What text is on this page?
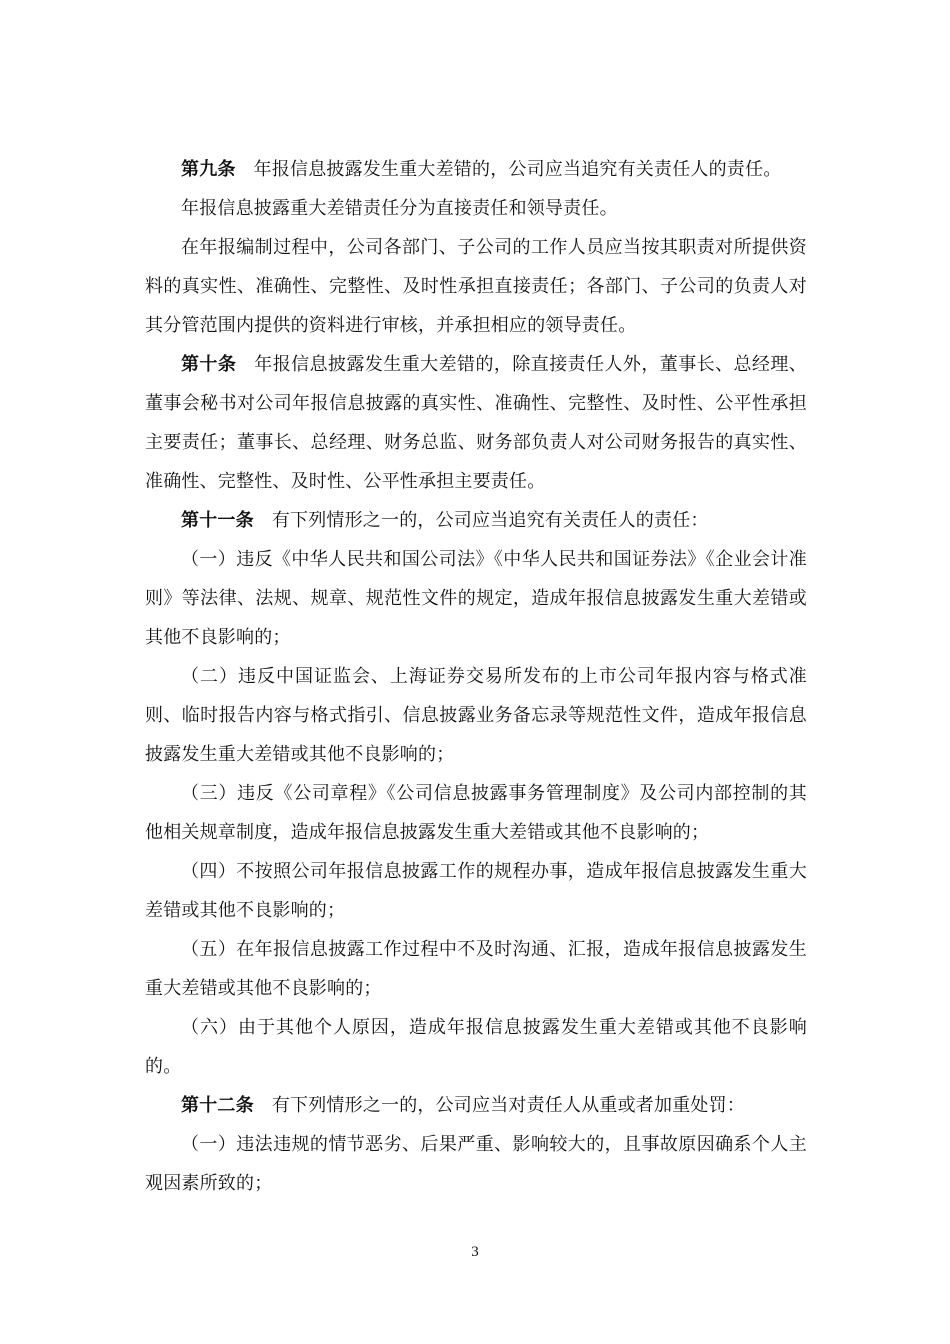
第九条 年报信息披露发生重大差错的，公司应当追究有关责任人的责任。

年报信息披露重大差错责任分为直接责任和领导责任。

在年报编制过程中，公司各部门、子公司的工作人员应当按其职责对所提供资料的真实性、准确性、完整性、及时性承担直接责任；各部门、子公司的负责人对其分管范围内提供的资料进行审核，并承担相应的领导责任。

第十条 年报信息披露发生重大差错的，除直接责任人外，董事长、总经理、董事会秘书对公司年报信息披露的真实性、准确性、完整性、及时性、公平性承担主要责任；董事长、总经理、财务总监、财务部负责人对公司财务报告的真实性、准确性、完整性、及时性、公平性承担主要责任。

第十一条 有下列情形之一的，公司应当追究有关责任人的责任：

（一）违反《中华人民共和国公司法》《中华人民共和国证券法》《企业会计准则》等法律、法规、规章、规范性文件的规定，造成年报信息披露发生重大差错或其他不良影响的；

（二）违反中国证监会、上海证券交易所发布的上市公司年报内容与格式准则、临时报告内容与格式指引、信息披露业务备忘录等规范性文件，造成年报信息披露发生重大差错或其他不良影响的；

（三）违反《公司章程》《公司信息披露事务管理制度》及公司内部控制的其他相关规章制度，造成年报信息披露发生重大差错或其他不良影响的；

（四）不按照公司年报信息披露工作的规程办事，造成年报信息披露发生重大差错或其他不良影响的；

（五）在年报信息披露工作过程中不及时沟通、汇报，造成年报信息披露发生重大差错或其他不良影响的；

（六）由于其他个人原因，造成年报信息披露发生重大差错或其他不良影响的。

第十二条 有下列情形之一的，公司应当对责任人从重或者加重处罚：

（一）违法违规的情节恶劣、后果严重、影响较大的，且事故原因确系个人主观因素所致的；

3
